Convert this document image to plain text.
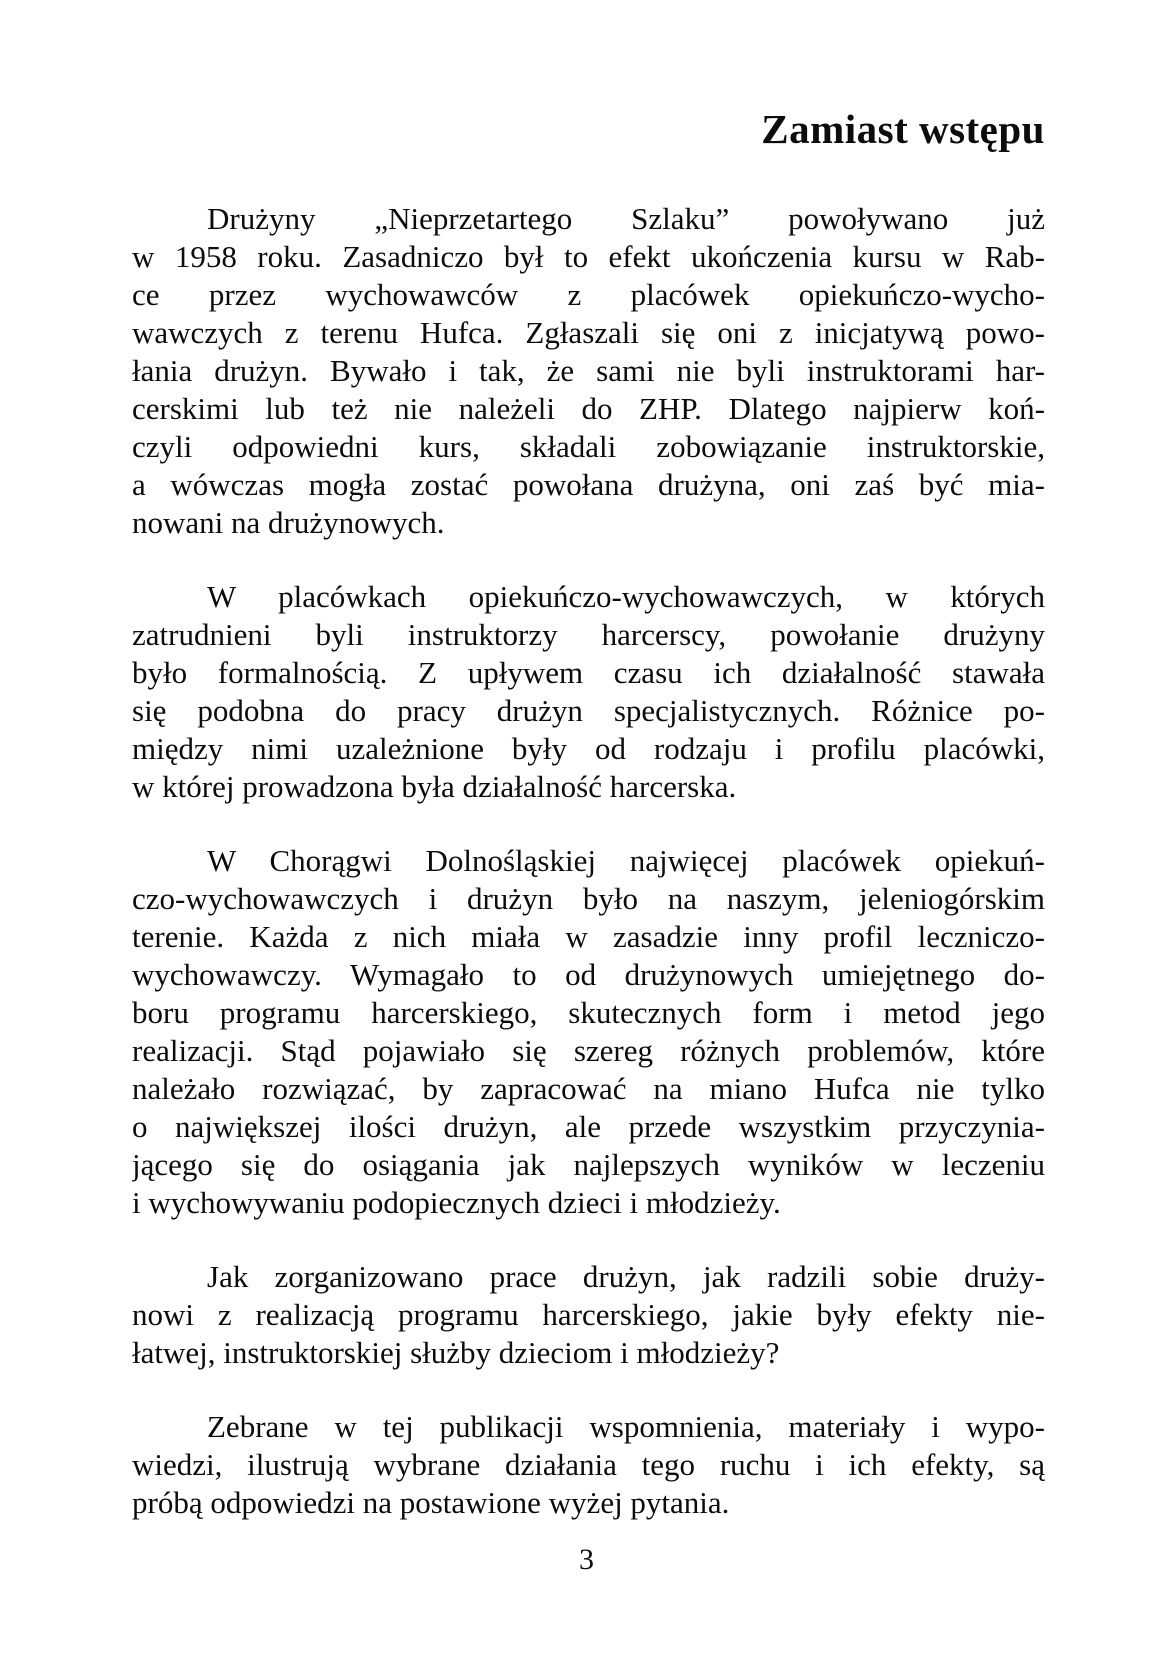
Zamiast wstępu
Drużyny „Nieprzetartego Szlaku” powoływano już
w 1958 roku. Zasadniczo był to efekt ukończenia kursu w Rab-
ce przez wychowawców z placówek opiekuńczo-wycho-
wawczych z terenu Hufca. Zgłaszali się oni z inicjatywą powo-
łania drużyn. Bywało i tak, że sami nie byli instruktorami har-
cerskimi lub też nie należeli do ZHP. Dlatego najpierw koń-
czyli odpowiedni kurs, składali zobowiązanie instruktorskie,
a wówczas mogła zostać powołana drużyna, oni zaś być mia-
nowani na drużynowych.
W placówkach opiekuńczo-wychowawczych, w których
zatrudnieni byli instruktorzy harcerscy, powołanie drużyny
było formalnością. Z upływem czasu ich działalność stawała
się podobna do pracy drużyn specjalistycznych. Różnice po-
między nimi uzależnione były od rodzaju i profilu placówki,
w której prowadzona była działalność harcerska.
W Chorągwi Dolnośląskiej najwięcej placówek opiekuń-
czo-wychowawczych i drużyn było na naszym, jeleniogórskim
terenie. Każda z nich miała w zasadzie inny profil leczniczo-
wychowawczy. Wymagało to od drużynowych umiejętnego do-
boru programu harcerskiego, skutecznych form i metod jego
realizacji. Stąd pojawiało się szereg różnych problemów, które
należało rozwiązać, by zapracować na miano Hufca nie tylko
o największej ilości drużyn, ale przede wszystkim przyczynia-
jącego się do osiągania jak najlepszych wyników w leczeniu
i wychowywaniu podopiecznych dzieci i młodzieży.
Jak zorganizowano prace drużyn, jak radzili sobie druży-
nowi z realizacją programu harcerskiego, jakie były efekty nie-
łatwej, instruktorskiej służby dzieciom i młodzieży?
Zebrane w tej publikacji wspomnienia, materiały i wypo-
wiedzi, ilustrują wybrane działania tego ruchu i ich efekty, są
próbą odpowiedzi na postawione wyżej pytania.
3
